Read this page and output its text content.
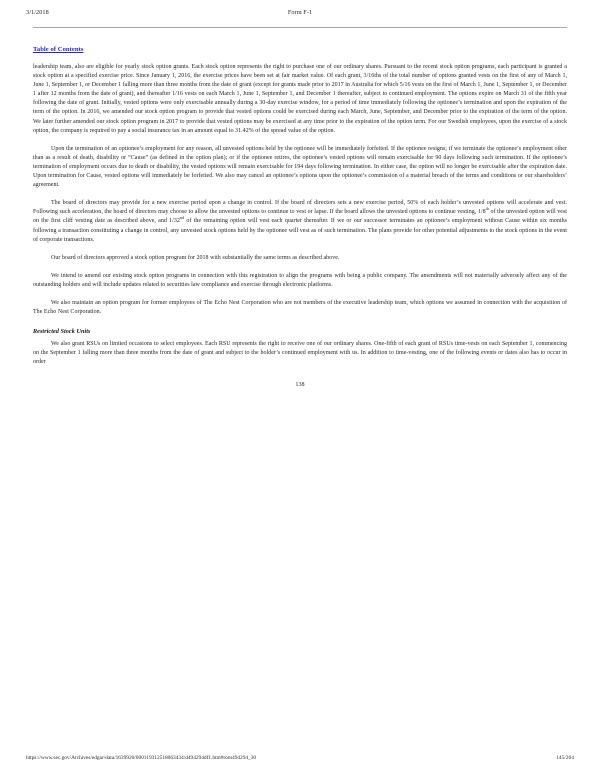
3/1/2018	Form F-1
Table of Contents

leadership team, also are eligible for yearly stock option grants. Each stock option represents the right to purchase one of our ordinary shares. Pursuant to the recent stock option programs, each participant is granted a stock option at a specified exercise price. Since January 1, 2016, the exercise prices have been set at fair market value. Of each grant, 3/16ths of the total number of options granted vests on the first of any of March 1, June 1, September 1, or December 1 falling more than three months from the date of grant (except for grants made prior to 2017 in Australia for which 5/16 vests on the first of March 1, June 1, September 1, or December 1 after 12 months from the date of grant), and thereafter 1/16 vests on each March 1, June 1, September 1, and December 1 thereafter, subject to continued employment. The options expire on March 31 of the fifth year following the date of grant. Initially, vested options were only exercisable annually during a 30-day exercise window, for a period of time immediately following the optionee’s termination and upon the expiration of the term of the option. In 2016, we amended our stock option program to provide that vested options could be exercised during each March, June, September, and December prior to the expiration of the term of the option. We later further amended our stock option program in 2017 to provide that vested options may be exercised at any time prior to the expiration of the option term. For our Swedish employees, upon the exercise of a stock option, the company is required to pay a social insurance tax in an amount equal to 31.42% of the spread value of the option.

Upon the termination of an optionee’s employment for any reason, all unvested options held by the optionee will be immediately forfeited. If the optionee resigns; if we terminate the optionee’s employment other than as a result of death, disability or “Cause” (as defined in the option plan); or if the optionee retires, the optionee’s vested options will remain exercisable for 90 days following such termination. If the optionee’s termination of employment occurs due to death or disability, the vested options will remain exercisable for 194 days following termination. In either case, the option will no longer be exercisable after the expiration date. Upon termination for Cause, vested options will immediately be forfeited. We also may cancel an optionee’s options upon the optionee’s commission of a material breach of the terms and conditions or our shareholders’ agreement.

The board of directors may provide for a new exercise period upon a change in control. If the board of directors sets a new exercise period, 50% of each holder’s unvested options will accelerate and vest. Following such acceleration, the board of directors may choose to allow the unvested options to continue to vest or lapse. If the board allows the unvested options to continue vesting, 1/8th of the unvested option will vest on the first cliff vesting date as described above, and 1/32nd of the remaining option will vest each quarter thereafter. If we or our successor terminates an optionee’s employment without Cause within six months following a transaction constituting a change in control, any unvested stock options held by the optionee will vest as of such termination. The plans provide for other potential adjustments to the stock options in the event of corporate transactions.

Our board of directors approved a stock option program for 2018 with substantially the same terms as described above.

We intend to amend our existing stock option programs in connection with this registration to align the programs with being a public company. The amendments will not materially adversely affect any of the outstanding holders and will include updates related to securities law compliance and exercise through electronic platforms.

We also maintain an option program for former employees of The Echo Nest Corporation who are not members of the executive leadership team, which options we assumed in connection with the acquisition of The Echo Nest Corporation.

Restricted Stock Units

We also grant RSUs on limited occasions to select employees. Each RSU represents the right to receive one of our ordinary shares. One-fifth of each grant of RSUs time-vests on each September 1, commencing on the September 1 falling more than three months from the date of grant and subject to the holder’s continued employment with us. In addition to time-vesting, one of the following events or dates also has to occur in order

138
https://www.sec.gov/Archives/edgar/data/1639920/000119312518063434/d494294df1.htm#rom494294_30	145/264
